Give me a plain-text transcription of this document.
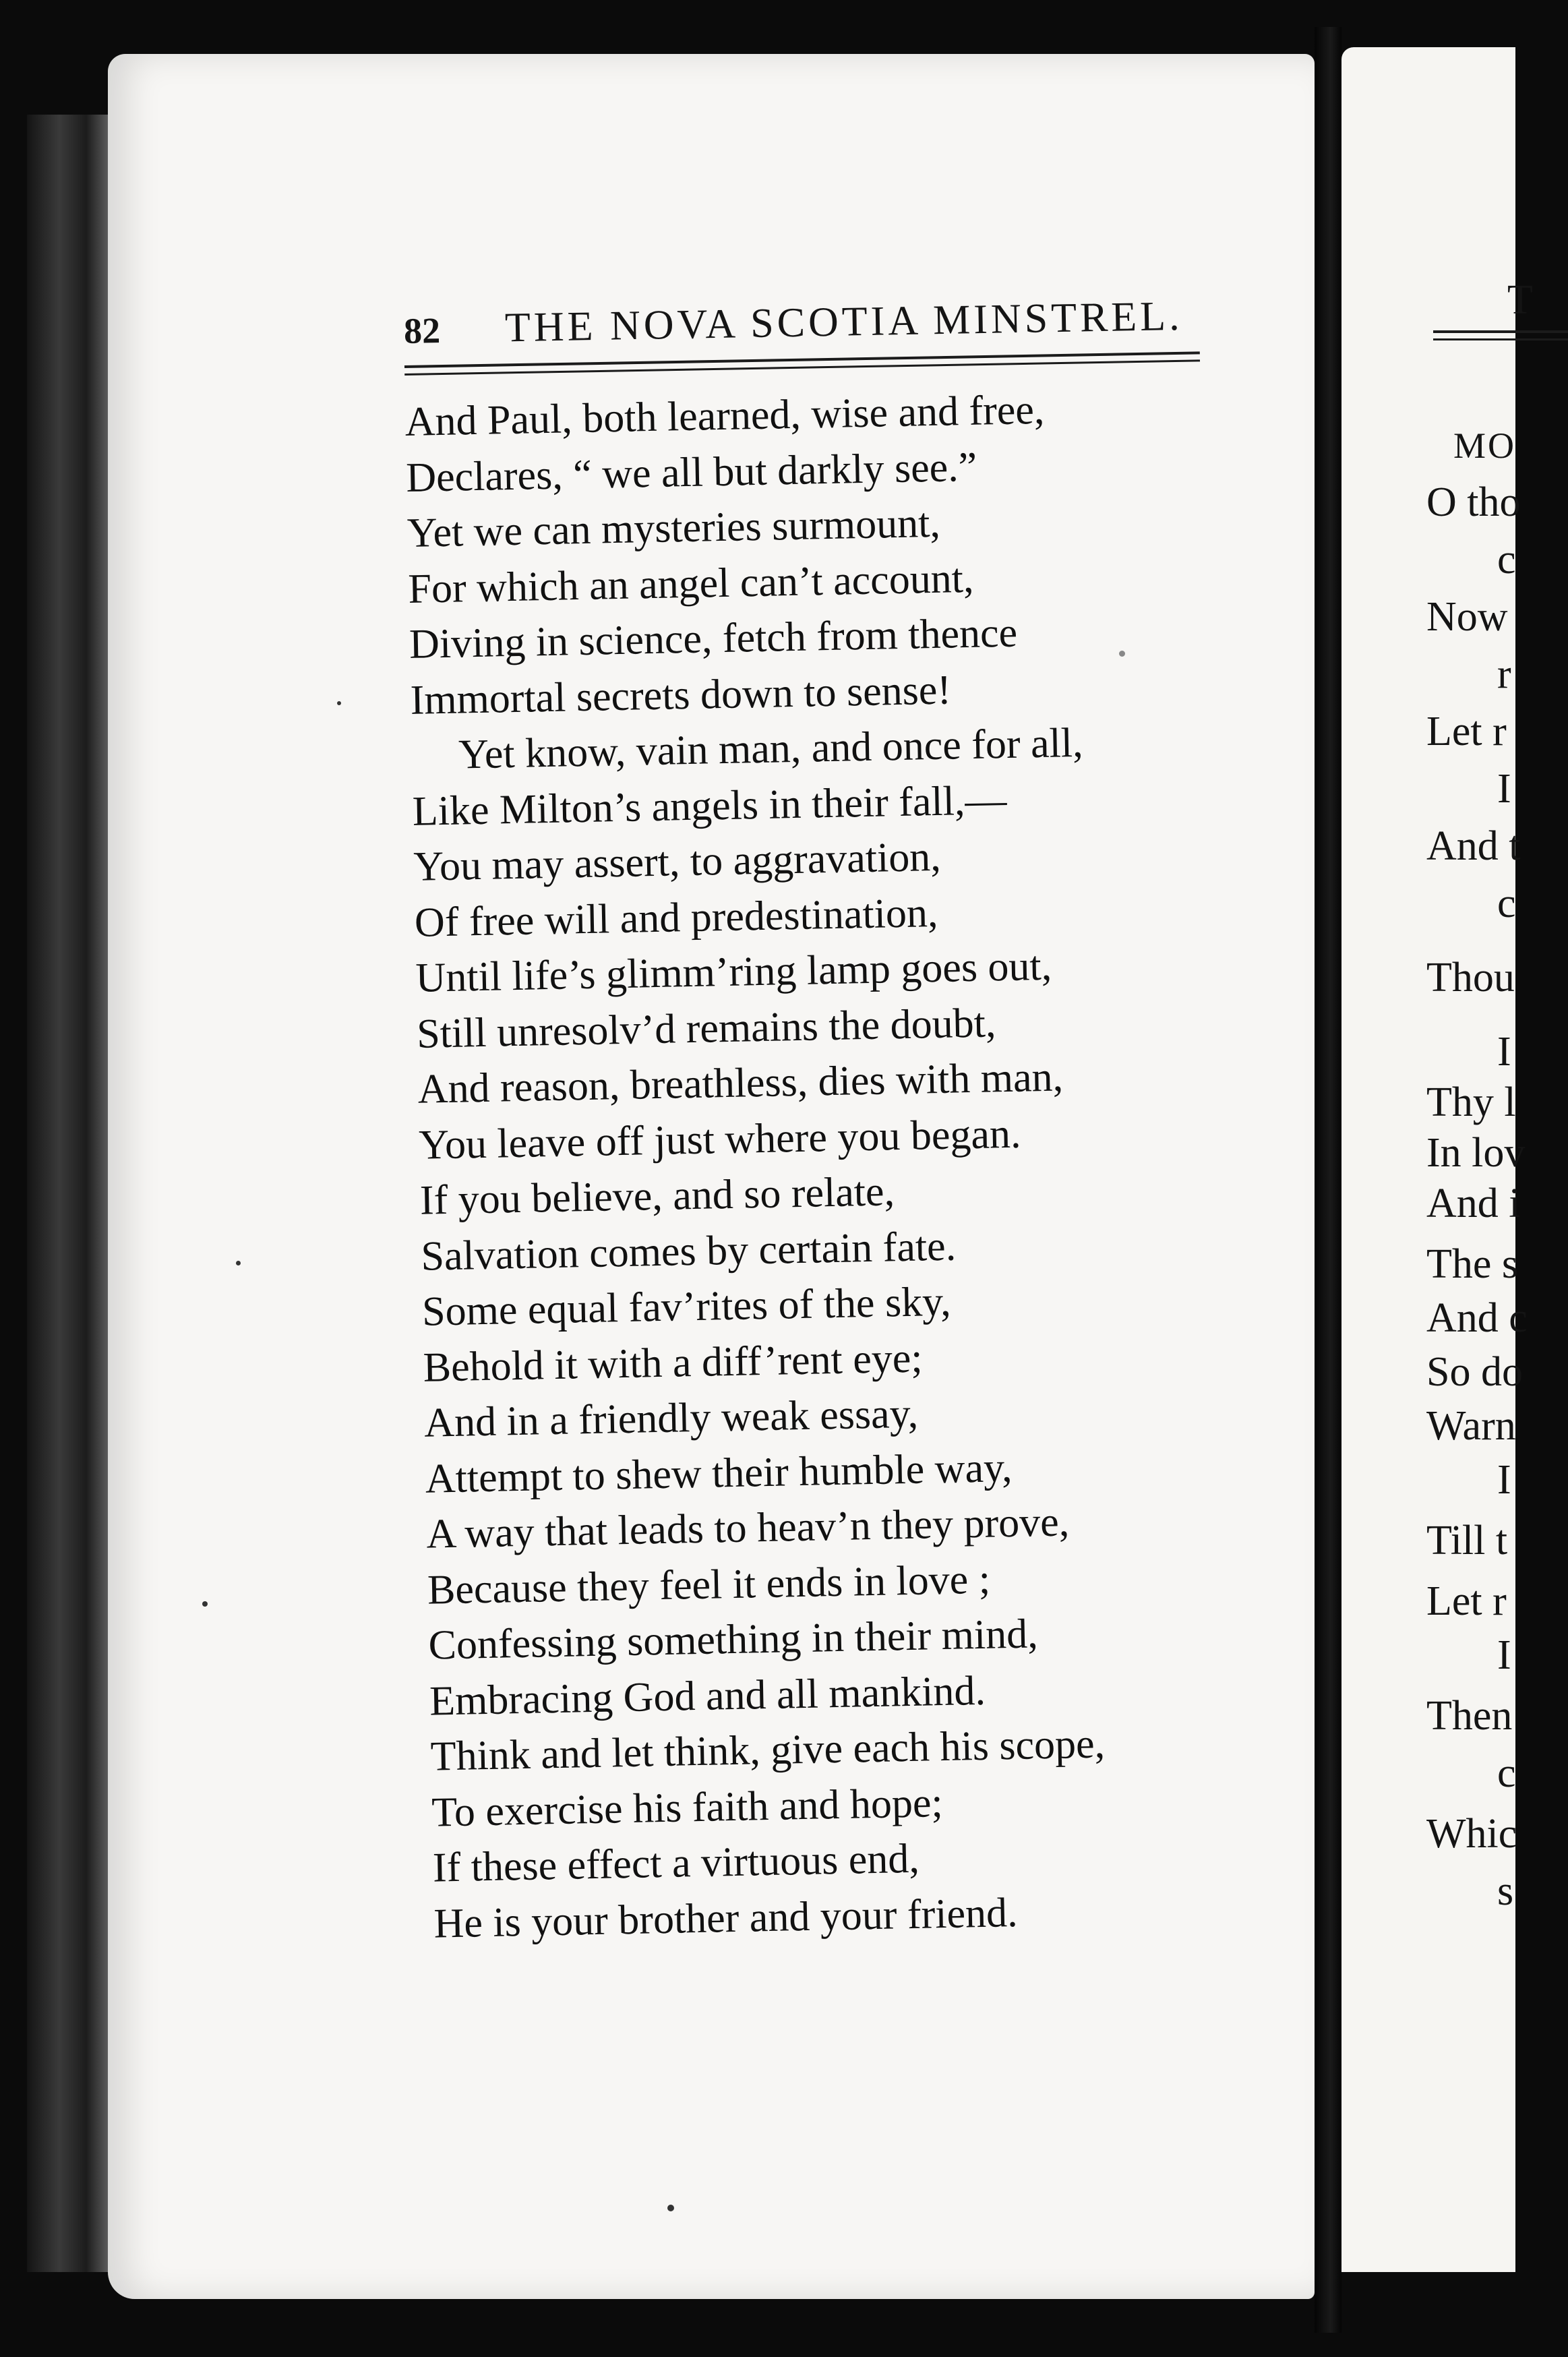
82 THE NOVA SCOTIA MINSTREL.
And Paul, both learned, wise and free,
Declares, “ we all but darkly see.”
Yet we can mysteries surmount,
For which an angel can’t account,
Diving in science, fetch from thence
Immortal secrets down to sense!
Yet know, vain man, and once for all,
Like Milton’s angels in their fall,—
You may assert, to aggravation,
Of free will and predestination,
Until life’s glimm’ring lamp goes out,
Still unresolv’d remains the doubt,
And reason, breathless, dies with man,
You leave off just where you began.
If you believe, and so relate,
Salvation comes by certain fate.
Some equal fav’rites of the sky,
Behold it with a diff’rent eye;
And in a friendly weak essay,
Attempt to shew their humble way,
A way that leads to heav’n they prove,
Because they feel it ends in love ;
Confessing something in their mind,
Embracing God and all mankind.
Think and let think, give each his scope,
To exercise his faith and hope;
If these effect a virtuous end,
He is your brother and your friend.
T
MO
O tho
c
Now
r
Let r
I
And t
c
Thou
I
Thy l
In lov
And i
The s
And c
So do
Warn
I
Till t
Let r
I
Then
c
Whic
s
